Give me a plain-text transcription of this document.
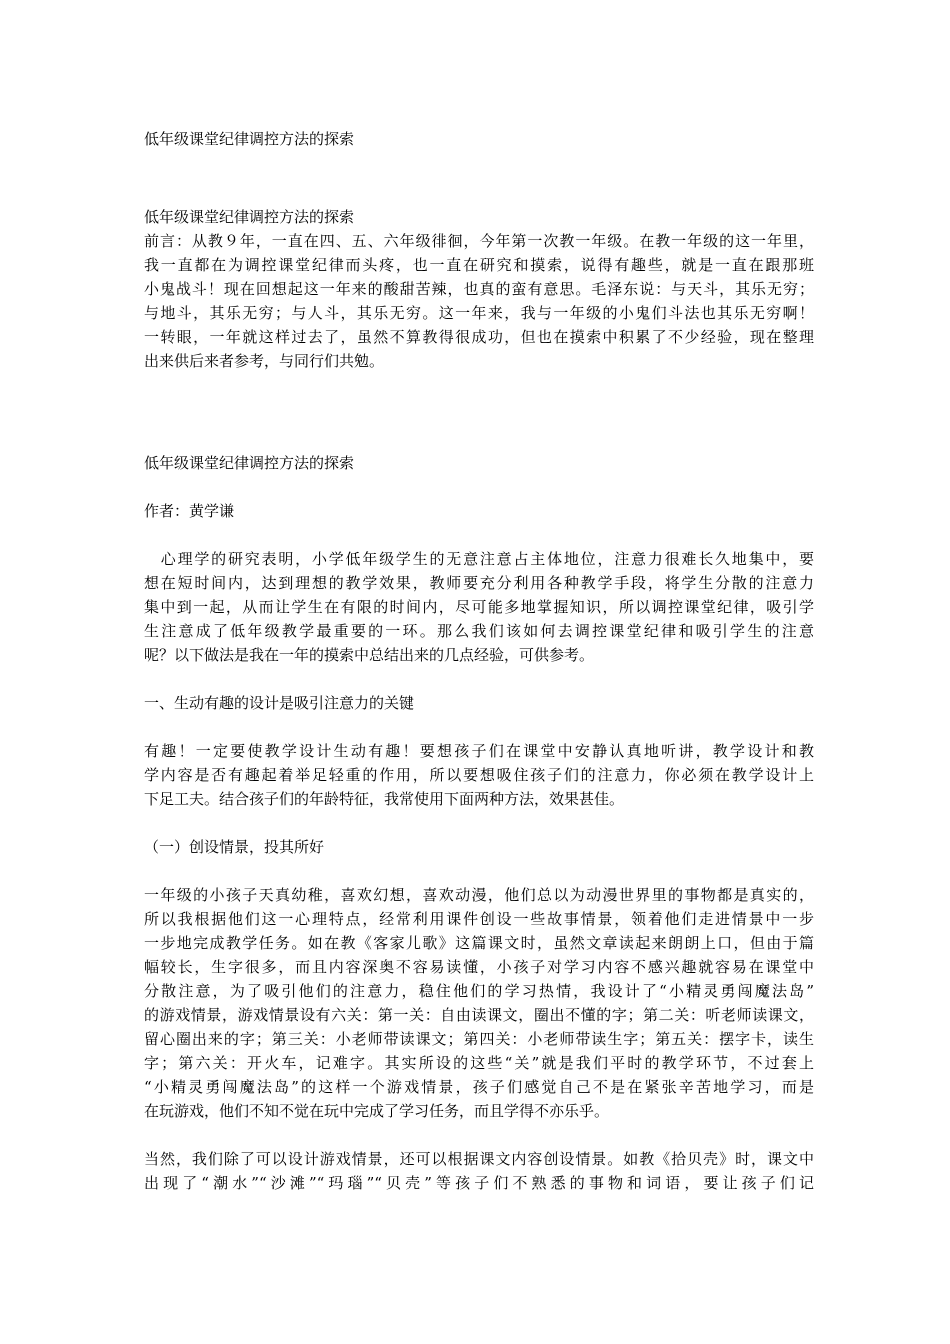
低年级课堂纪律调控方法的探索
低年级课堂纪律调控方法的探索
前言：从教９年，一直在四、五、六年级徘徊，今年第一次教一年级。在教一年级的这一年里，
我一直都在为调控课堂纪律而头疼，也一直在研究和摸索，说得有趣些，就是一直在跟那班
小鬼战斗！现在回想起这一年来的酸甜苦辣，也真的蛮有意思。毛泽东说：与天斗，其乐无穷；
与地斗，其乐无穷；与人斗，其乐无穷。这一年来，我与一年级的小鬼们斗法也其乐无穷啊！
一转眼，一年就这样过去了，虽然不算教得很成功，但也在摸索中积累了不少经验，现在整理
出来供后来者参考，与同行们共勉。
低年级课堂纪律调控方法的探索
作者：黄学谦
　心理学的研究表明，小学低年级学生的无意注意占主体地位，注意力很难长久地集中，要
想在短时间内，达到理想的教学效果，教师要充分利用各种教学手段，将学生分散的注意力
集中到一起，从而让学生在有限的时间内，尽可能多地掌握知识，所以调控课堂纪律，吸引学
生注意成了低年级教学最重要的一环。那么我们该如何去调控课堂纪律和吸引学生的注意
呢？以下做法是我在一年的摸索中总结出来的几点经验，可供参考。
一、生动有趣的设计是吸引注意力的关键
有趣！一定要使教学设计生动有趣！要想孩子们在课堂中安静认真地听讲，教学设计和教
学内容是否有趣起着举足轻重的作用，所以要想吸住孩子们的注意力，你必须在教学设计上
下足工夫。结合孩子们的年龄特征，我常使用下面两种方法，效果甚佳。
（一）创设情景，投其所好
一年级的小孩子天真幼稚，喜欢幻想，喜欢动漫，他们总以为动漫世界里的事物都是真实的，
所以我根据他们这一心理特点，经常利用课件创设一些故事情景，领着他们走进情景中一步
一步地完成教学任务。如在教《客家儿歌》这篇课文时，虽然文章读起来朗朗上口，但由于篇
幅较长，生字很多，而且内容深奥不容易读懂，小孩子对学习内容不感兴趣就容易在课堂中
分散注意，为了吸引他们的注意力，稳住他们的学习热情，我设计了“小精灵勇闯魔法岛”
的游戏情景，游戏情景设有六关：第一关：自由读课文，圈出不懂的字；第二关：听老师读课文，
留心圈出来的字；第三关：小老师带读课文；第四关：小老师带读生字；第五关：摆字卡，读生
字；第六关：开火车，记难字。其实所设的这些“关”就是我们平时的教学环节，不过套上
“小精灵勇闯魔法岛”的这样一个游戏情景，孩子们感觉自己不是在紧张辛苦地学习，而是
在玩游戏，他们不知不觉在玩中完成了学习任务，而且学得不亦乐乎。
当然，我们除了可以设计游戏情景，还可以根据课文内容创设情景。如教《拾贝壳》时，课文中
出现了“潮水”“沙滩”“玛瑙”“贝壳”等孩子们不熟悉的事物和词语，要让孩子们记
